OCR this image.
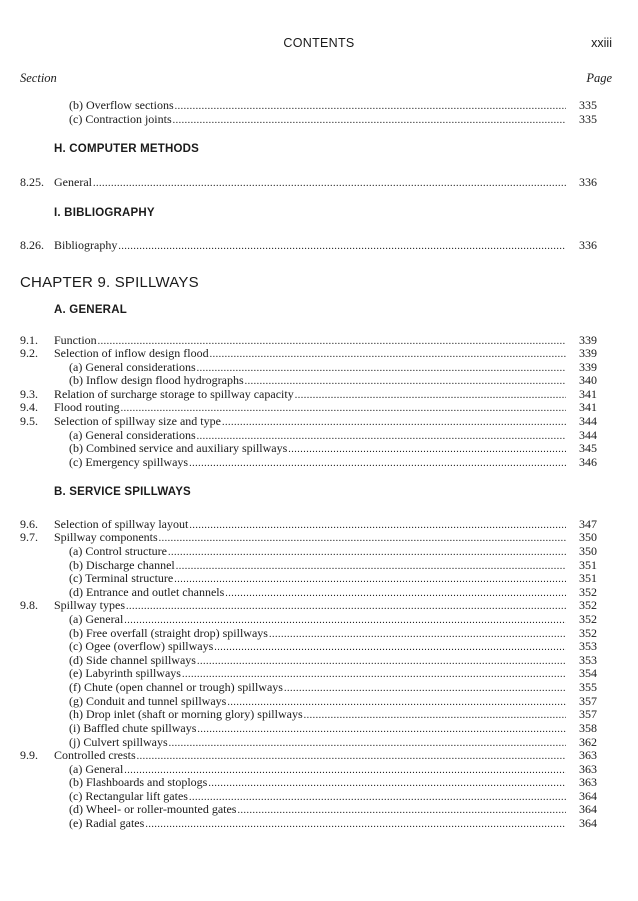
CONTENTS	xxiii
Section	Page
H. COMPUTER METHODS
I. BIBLIOGRAPHY
CHAPTER 9. SPILLWAYS
A. GENERAL
B. SERVICE SPILLWAYS
(b) Overflow sections .....	335
(c) Contraction joints .....	335
8.25. General .....	336
8.26. Bibliography .....	336
9.1. Function .....	339
9.2. Selection of inflow design flood .....	339
(a) General considerations .....	339
(b) Inflow design flood hydrographs .....	340
9.3. Relation of surcharge storage to spillway capacity .....	341
9.4. Flood routing .....	341
9.5. Selection of spillway size and type .....	344
(a) General considerations .....	344
(b) Combined service and auxiliary spillways .....	345
(c) Emergency spillways .....	346
9.6. Selection of spillway layout .....	347
9.7. Spillway components .....	350
(a) Control structure .....	350
(b) Discharge channel .....	351
(c) Terminal structure .....	351
(d) Entrance and outlet channels .....	352
9.8. Spillway types .....	352
(a) General .....	352
(b) Free overfall (straight drop) spillways .....	352
(c) Ogee (overflow) spillways .....	353
(d) Side channel spillways .....	353
(e) Labyrinth spillways .....	354
(f) Chute (open channel or trough) spillways .....	355
(g) Conduit and tunnel spillways .....	357
(h) Drop inlet (shaft or morning glory) spillways .....	357
(i) Baffled chute spillways .....	358
(j) Culvert spillways .....	362
9.9. Controlled crests .....	363
(a) General .....	363
(b) Flashboards and stoplogs .....	363
(c) Rectangular lift gates .....	364
(d) Wheel- or roller-mounted gates .....	364
(e) Radial gates .....	364
